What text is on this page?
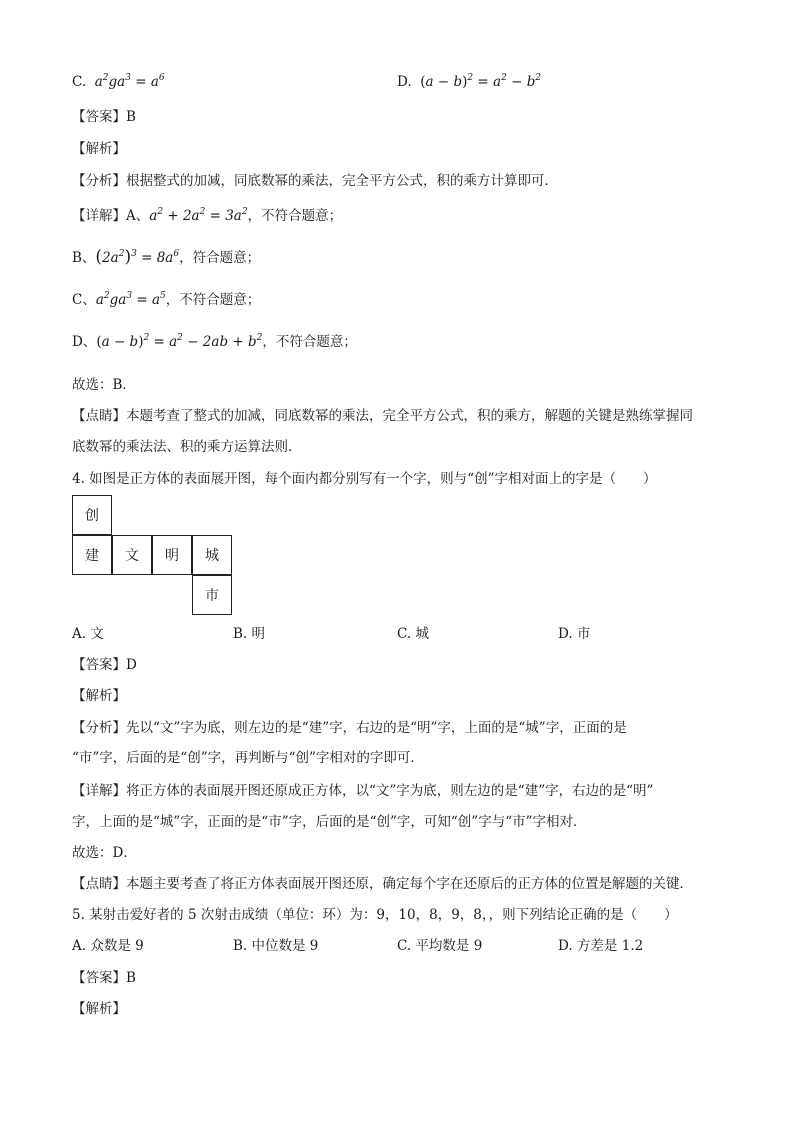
C. $a^2ga^3 = a^6$	D. $(a - b)^2 = a^2 - b^2$
【答案】B
【解析】
【分析】根据整式的加减，同底数幂的乘法，完全平方公式，积的乘方计算即可．
【详解】A、$a^2 + 2a^2 = 3a^2$，不符合题意；
B、$(2a^2)^3 = 8a^6$，符合题意；
C、$a^2ga^3 = a^5$，不符合题意；
D、$(a - b)^2 = a^2 - 2ab + b^2$，不符合题意；
故选：B．
【点睛】本题考查了整式的加减，同底数幂的乘法，完全平方公式，积的乘方，解题的关键是熟练掌握同
底数幂的乘法法、积的乘方运算法则．
4. 如图是正方体的表面展开图，每个面内都分别写有一个字，则与“创”字相对面上的字是（　　）
创
建	文	明	城
市
A. 文	B. 明	C. 城	D. 市
【答案】D
【解析】
【分析】先以“文”字为底，则左边的是“建”字，右边的是“明”字，上面的是“城”字，正面的是
“市”字，后面的是“创”字，再判断与“创”字相对的字即可．
【详解】将正方体的表面展开图还原成正方体，以“文”字为底，则左边的是“建”字，右边的是“明”
字，上面的是“城”字，正面的是“市”字，后面的是“创”字，可知“创”字与“市”字相对．
故选：D．
【点睛】本题主要考查了将正方体表面展开图还原，确定每个字在还原后的正方体的位置是解题的关键．
5. 某射击爱好者的 5 次射击成绩（单位：环）为：9，10，8，9，8，，则下列结论正确的是（　　）
A. 众数是 9	B. 中位数是 9	C. 平均数是 9	D. 方差是 1.2
【答案】B
【解析】
